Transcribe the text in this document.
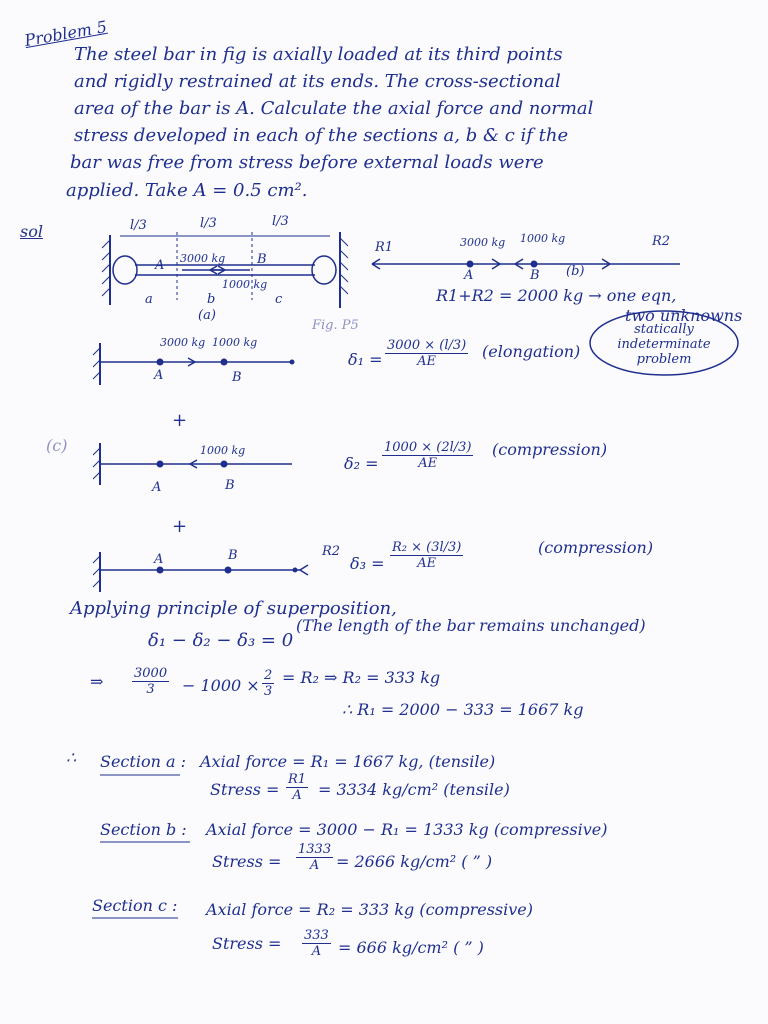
Problem 5
The steel bar in fig is axially loaded at its third points
and rigidly restrained at its ends. The cross-sectional
area of the bar is A. Calculate the axial force and normal
stress developed in each of the sections a, b & c if the
bar was free from stress before external loads were
applied. Take A = 0.5 cm².
sol	l/3	l/3	l/3
A	B
3000 kg
1000 kg
a	b	c
(a)
Fig. P5
R1	3000 kg 1000 kg	R2
A	B (b)
R1+R2 = 2000 kg → one eqn,
two unknowns
statically
indeterminate
problem
3000 kg 1000 kg
A	B
$\delta_1 = \frac{3000 \times (l/3)}{AE}$ (elongation)
+
(c)	1000 kg
A	B
$\delta_2 = \frac{1000 \times (2l/3)}{AE}$ (compression)
+
A	B	R2
$\delta_3 = \frac{\text{R₂ × (3l/3)}}{AE}$	(compression)
Applying principle of superposition,
δ₁ − δ₂ − δ₃ = 0
(The length of the bar remains unchanged)
⇒ $\frac{3000}{3} - 1000 \times \frac{2}{3} = R_2$ ⇒ R₂ = 333 kg
∴ R₁ = 2000 − 333 = 1667 kg
∴ Section a : Axial force = R₁ = 1667 kg, (tensile)
Stress = $\frac{R1}{A} = 3334$ kg/cm² (tensile)
Section b : Axial force = 3000 − R₁ = 1333 kg (compressive)
Stress = $\frac{1333}{A} = 2666$ kg/cm² ( ” )
Section c : Axial force = R₂ = 333 kg (compressive)
Stress = $\frac{333}{A} = 666$ kg/cm² ( ” )
